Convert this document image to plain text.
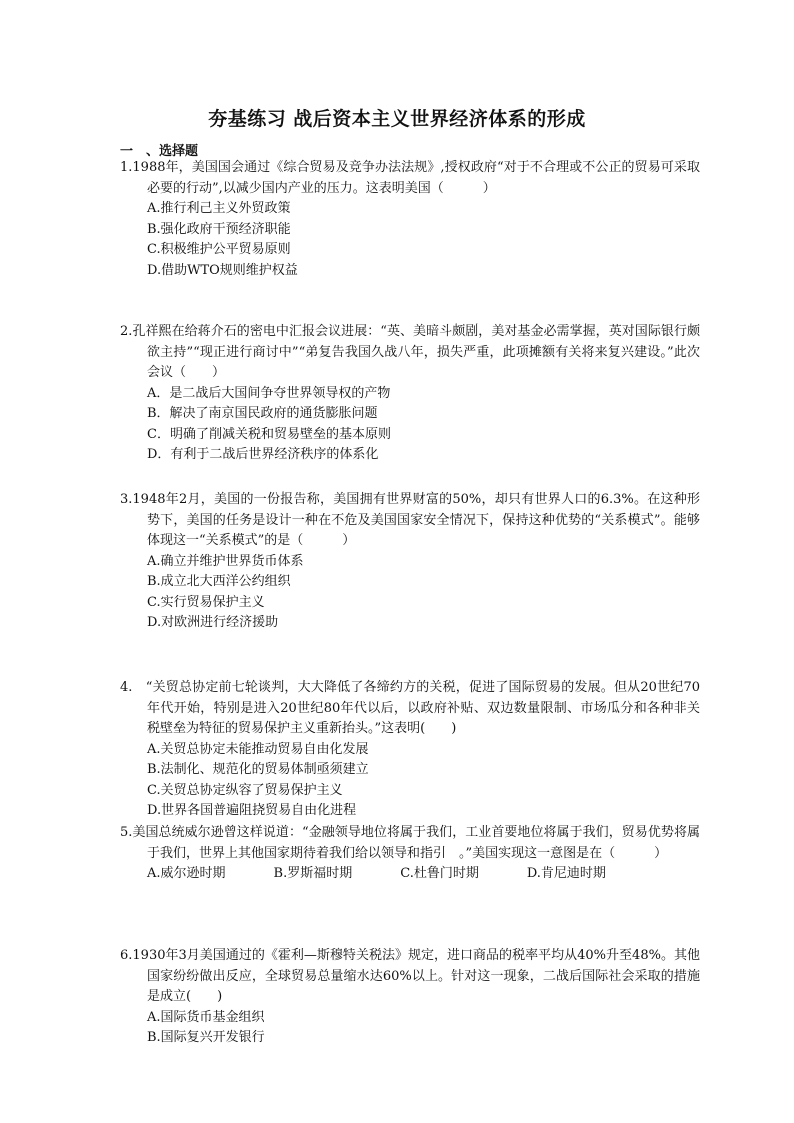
夯基练习 战后资本主义世界经济体系的形成
一　、选择题

1.1988年，美国国会通过《综合贸易及竞争办法法规》,授权政府“对于不合理或不公正的贸易可采取必要的行动”,以减少国内产业的压力。这表明美国（　　　）

A.推行利己主义外贸政策

B.强化政府干预经济职能

C.积极维护公平贸易原则

D.借助WTO规则维护权益

2.孔祥熙在给蒋介石的密电中汇报会议进展：“英、美暗斗颇剧，美对基金必需掌握，英对国际银行颇欲主持”“现正进行商讨中”“弟复告我国久战八年，损失严重，此项摊额有关将来复兴建设。”此次会议（　　）

A．是二战后大国间争夺世界领导权的产物

B．解决了南京国民政府的通货膨胀问题

C．明确了削减关税和贸易壁垒的基本原则

D．有利于二战后世界经济秩序的体系化

3.1948年2月，美国的一份报告称，美国拥有世界财富的50%，却只有世界人口的6.3%。在这种形势下，美国的任务是设计一种在不危及美国国家安全情况下，保持这种优势的“关系模式”。能够体现这一“关系模式”的是（　　　）

A.确立并维护世界货币体系

B.成立北大西洋公约组织

C.实行贸易保护主义

D.对欧洲进行经济援助

4.　“关贸总协定前七轮谈判，大大降低了各缔约方的关税，促进了国际贸易的发展。但从20世纪70年代开始，特别是进入20世纪80年代以后，以政府补贴、双边数量限制、市场瓜分和各种非关税壁垒为特征的贸易保护主义重新抬头。”这表明(　　)

A.关贸总协定未能推动贸易自由化发展

B.法制化、规范化的贸易体制亟须建立

C.关贸总协定纵容了贸易保护主义

D.世界各国普遍阻挠贸易自由化进程

5.美国总统威尔逊曾这样说道：“金融领导地位将属于我们，工业首要地位将属于我们，贸易优势将属于我们，世界上其他国家期待着我们给以领导和指引　。”美国实现这一意图是在（　　　）

A.威尔逊时期	B.罗斯福时期	C.杜鲁门时期	D.肯尼迪时期

6.1930年3月美国通过的《霍利—斯穆特关税法》规定，进口商品的税率平均从40%升至48%。其他国家纷纷做出反应，全球贸易总量缩水达60%以上。针对这一现象，二战后国际社会采取的措施是成立(　　)

A.国际货币基金组织

B.国际复兴开发银行
